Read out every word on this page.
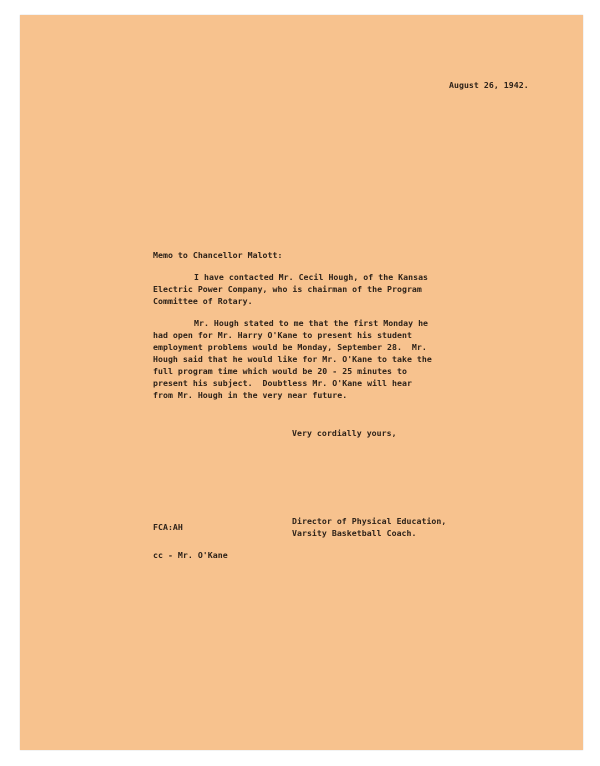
August 26, 1942.
Memo to Chancellor Malott:
I have contacted Mr. Cecil Hough, of the Kansas
Electric Power Company, who is chairman of the Program
Committee of Rotary.
Mr. Hough stated to me that the first Monday he
had open for Mr. Harry O'Kane to present his student
employment problems would be Monday, September 28.  Mr.
Hough said that he would like for Mr. O'Kane to take the
full program time which would be 20 - 25 minutes to
present his subject.  Doubtless Mr. O'Kane will hear
from Mr. Hough in the very near future.
Very cordially yours,
Director of Physical Education,
Varsity Basketball Coach.
FCA:AH
cc - Mr. O'Kane
